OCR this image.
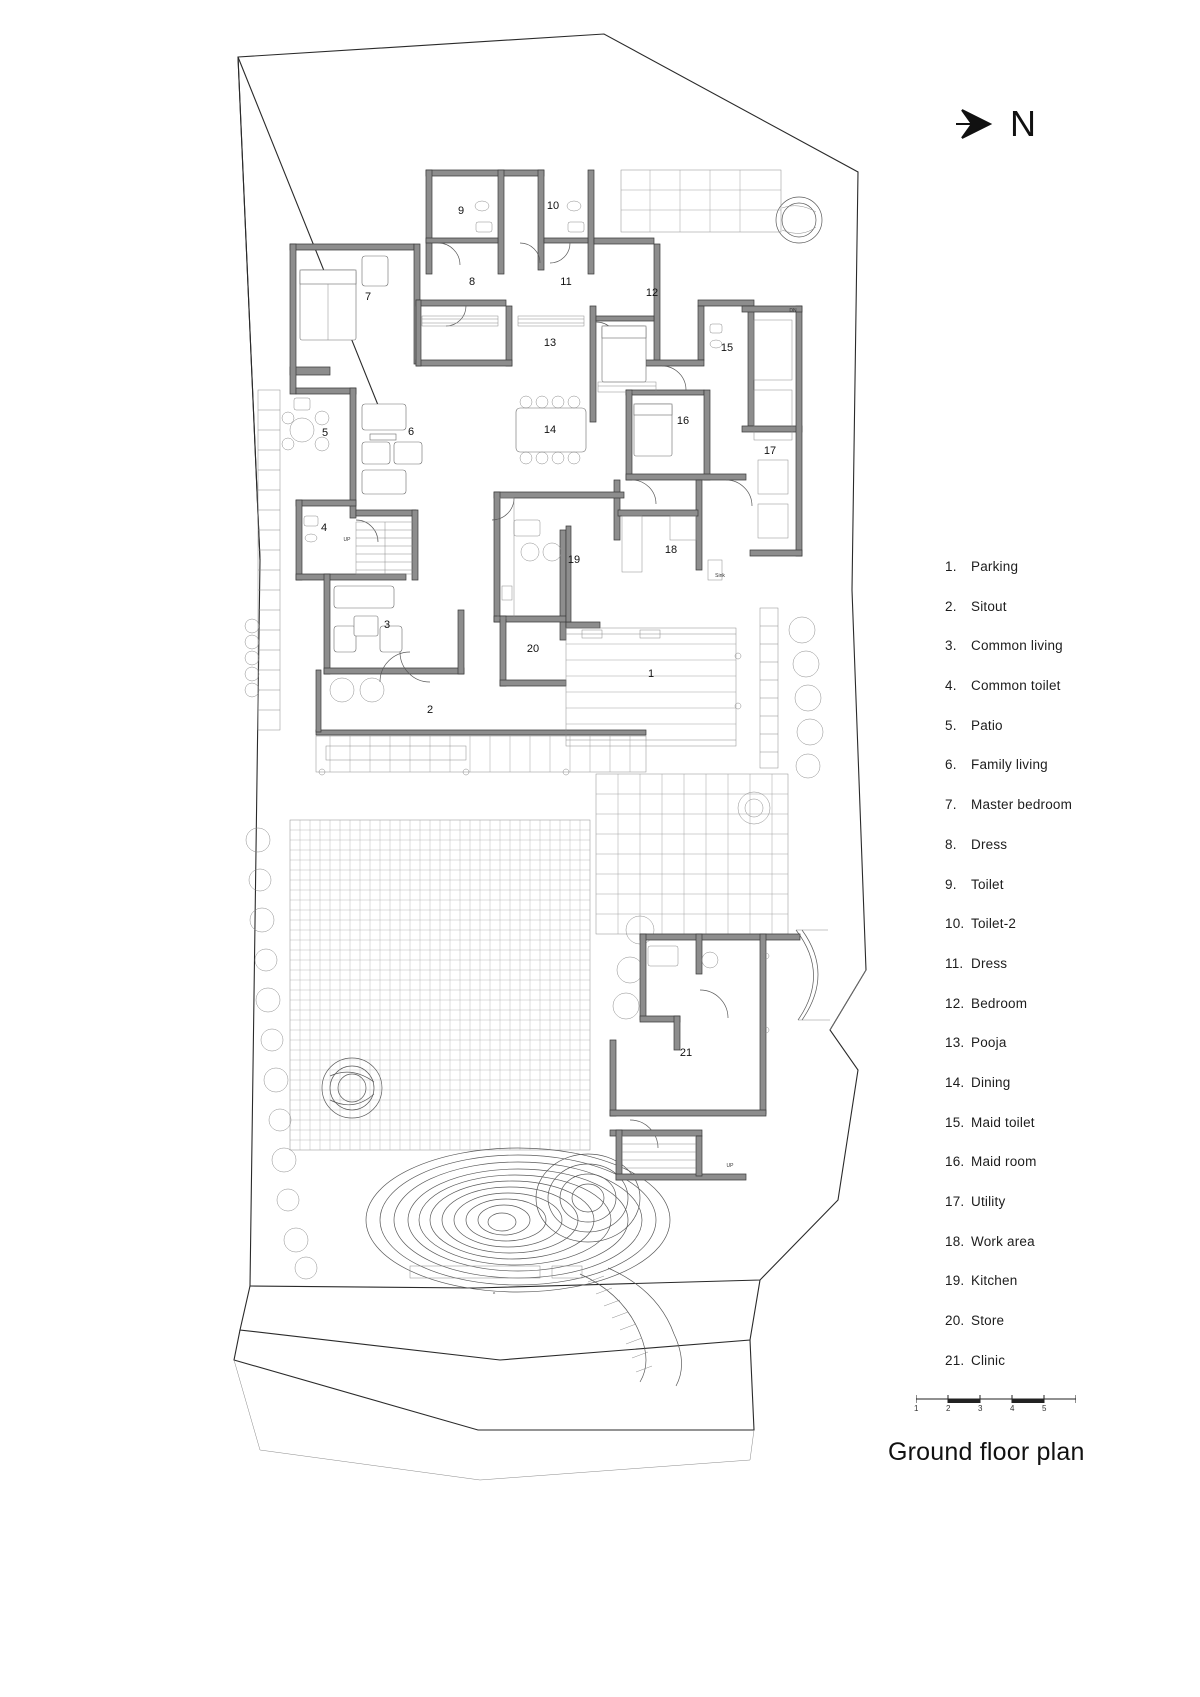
N
1
2
3
4
5	6
7
8
9	10
11
12
13
14
15
16
17
18
19
20
21
UP
UP
DN
Sink
^
1.	Parking
2.	Sitout
3.	Common living
4.	Common toilet
5.	Patio
6.	Family living
7.	Master bedroom
8.	Dress
9.	Toilet
10. Toilet-2
11. Dress
12. Bedroom
13. Pooja
14. Dining
15. Maid toilet
16. Maid room
17. Utility
18. Work area
19. Kitchen
20. Store
21. Clinic
1	2	3	4	5
Ground floor plan
